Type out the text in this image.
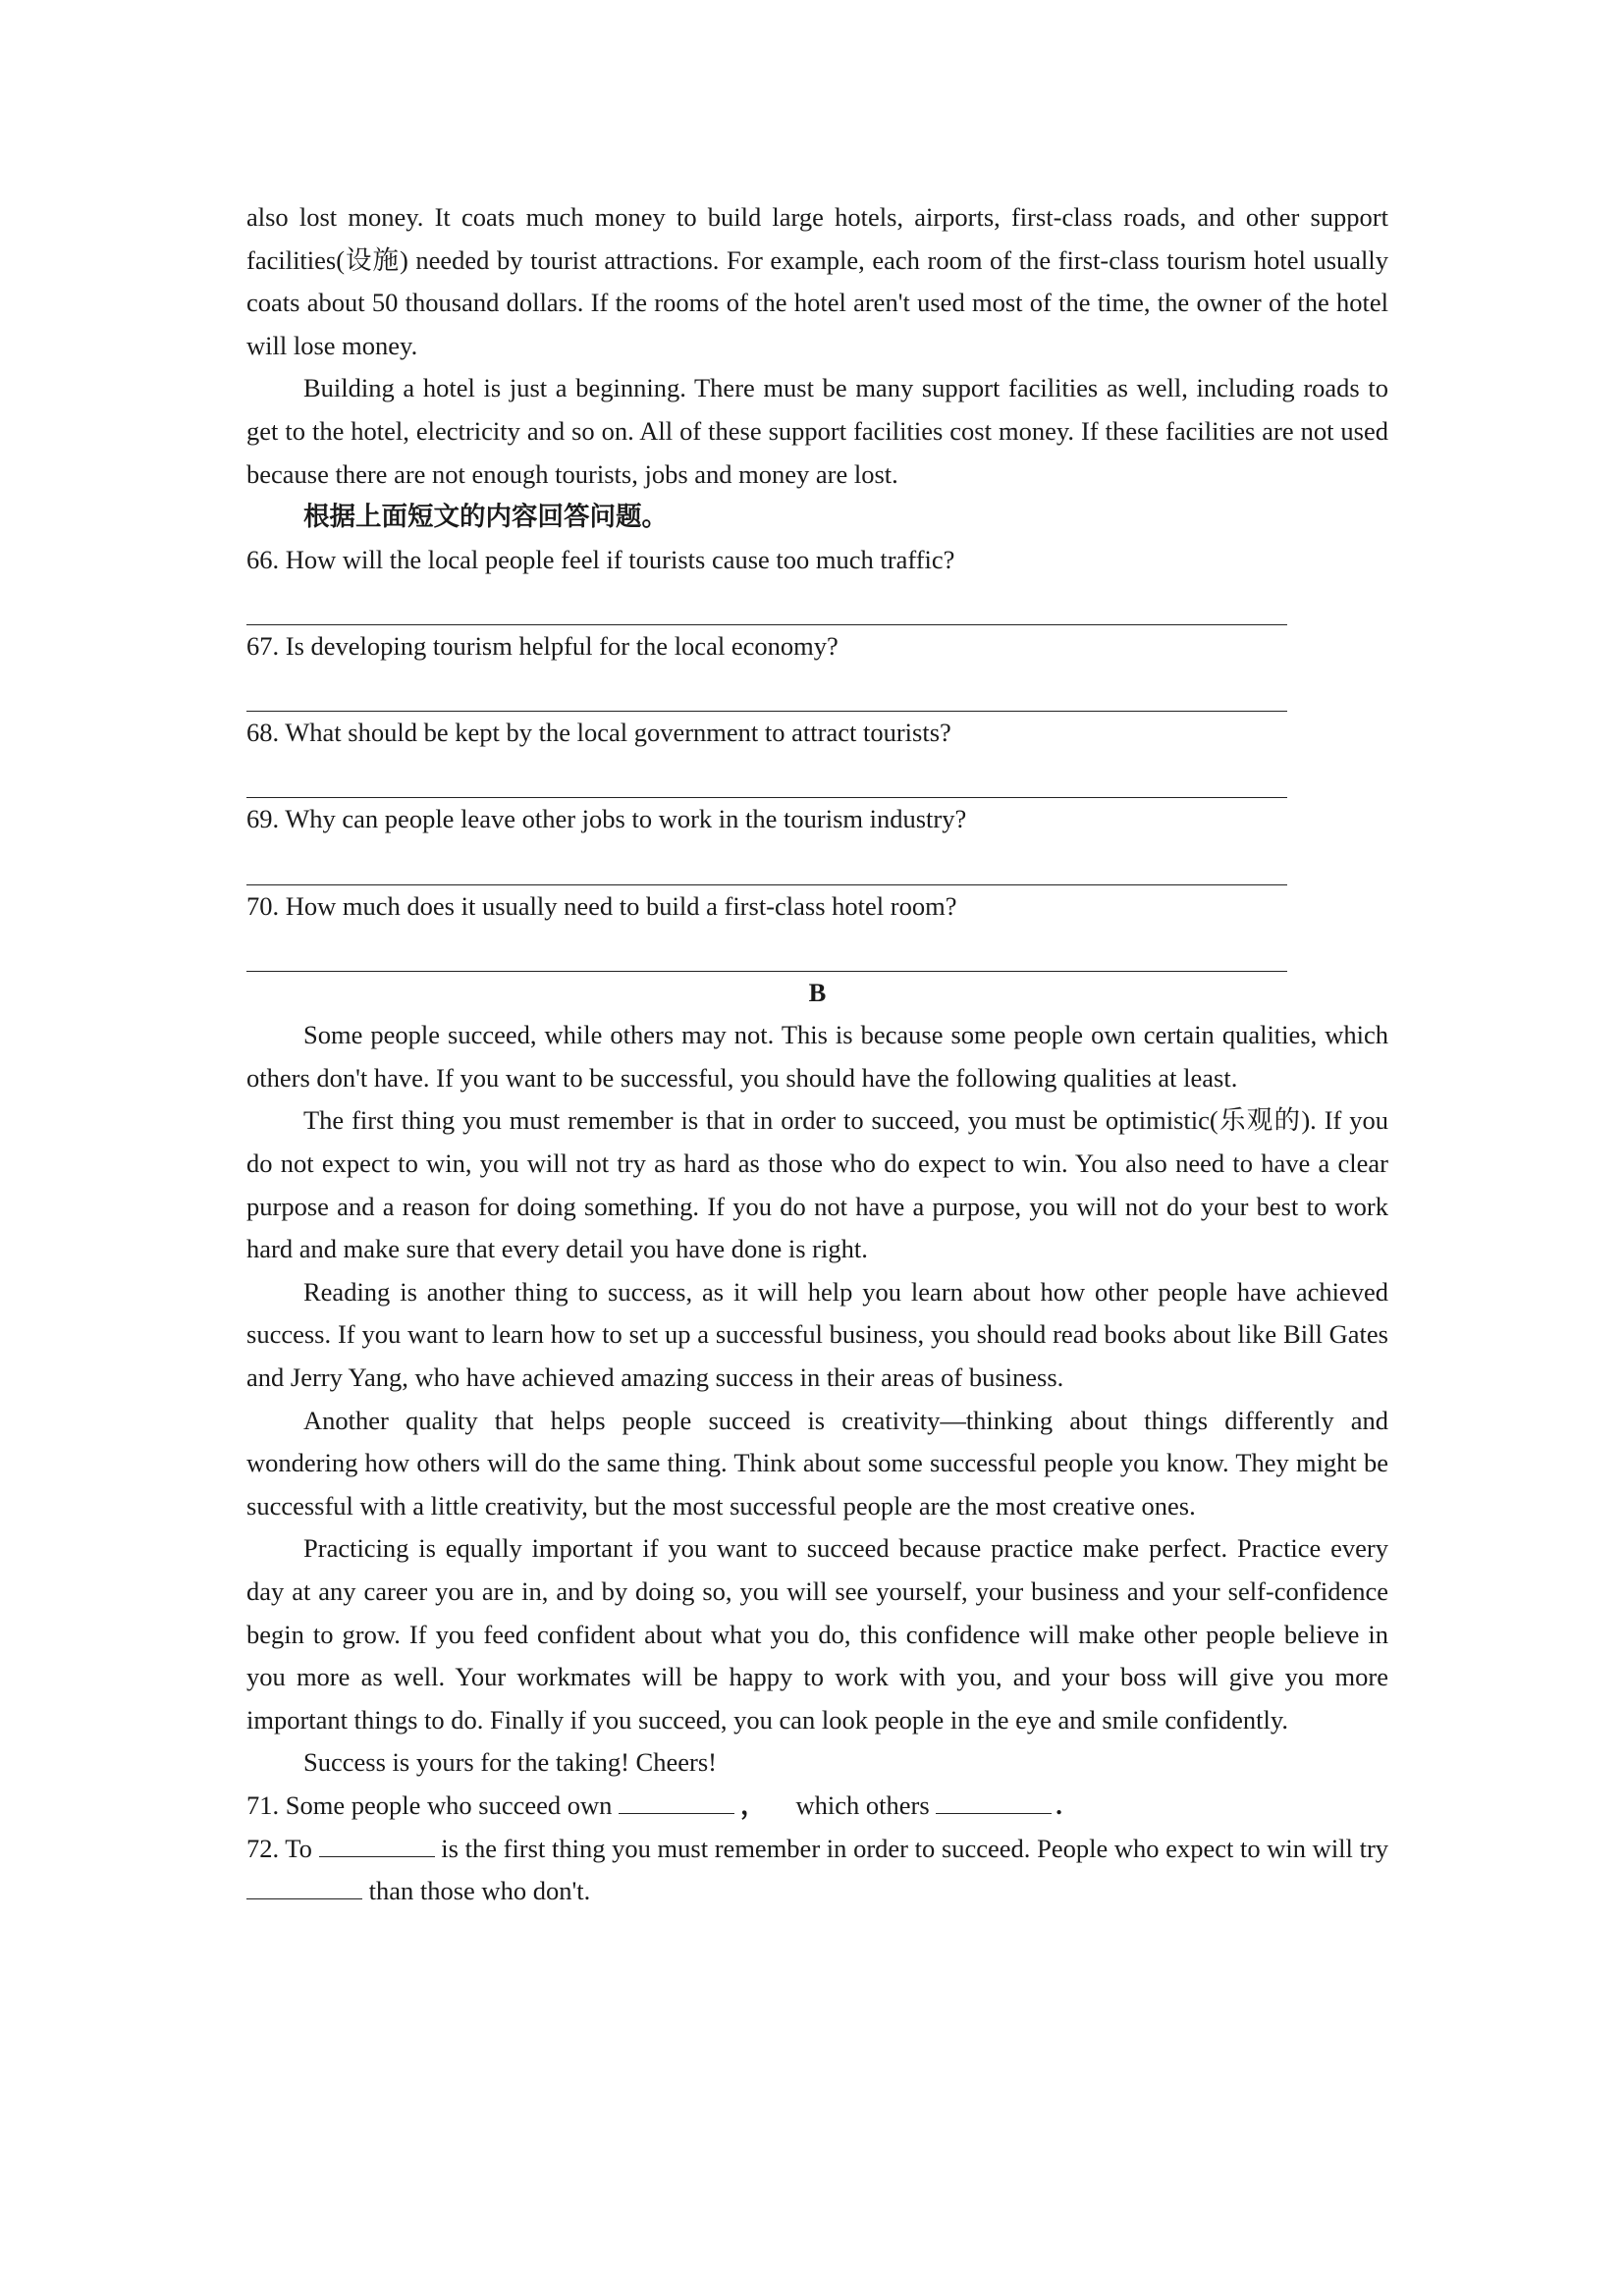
also lost money. It coats much money to build large hotels, airports, first-class roads, and other support facilities(设施) needed by tourist attractions. For example, each room of the first-class tourism hotel usually coats about 50 thousand dollars. If the rooms of the hotel aren't used most of the time, the owner of the hotel will lose money.

Building a hotel is just a beginning. There must be many support facilities as well, including roads to get to the hotel, electricity and so on. All of these support facilities cost money. If these facilities are not used because there are not enough tourists, jobs and money are lost.

根据上面短文的内容回答问题。

66. How will the local people feel if tourists cause too much traffic?

67. Is developing tourism helpful for the local economy?

68. What should be kept by the local government to attract tourists?

69. Why can people leave other jobs to work in the tourism industry?

70. How much does it usually need to build a first-class hotel room?

B

Some people succeed, while others may not. This is because some people own certain qualities, which others don't have. If you want to be successful, you should have the following qualities at least.

The first thing you must remember is that in order to succeed, you must be optimistic(乐观的). If you do not expect to win, you will not try as hard as those who do expect to win. You also need to have a clear purpose and a reason for doing something. If you do not have a purpose, you will not do your best to work hard and make sure that every detail you have done is right.

Reading is another thing to success, as it will help you learn about how other people have achieved success. If you want to learn how to set up a successful business, you should read books about like Bill Gates and Jerry Yang, who have achieved amazing success in their areas of business.

Another quality that helps people succeed is creativity—thinking about things differently and wondering how others will do the same thing. Think about some successful people you know. They might be successful with a little creativity, but the most successful people are the most creative ones.

Practicing is equally important if you want to succeed because practice make perfect. Practice every day at any career you are in, and by doing so, you will see yourself, your business and your self-confidence begin to grow. If you feed confident about what you do, this confidence will make other people believe in you more as well. Your workmates will be happy to work with you, and your boss will give you more important things to do. Finally if you succeed, you can look people in the eye and smile confidently.

Success is yours for the taking! Cheers!

71. Some people who succeed own	， which others	.

72. To	is the first thing you must remember in order to succeed. People who expect to win will try  than those who don't.
